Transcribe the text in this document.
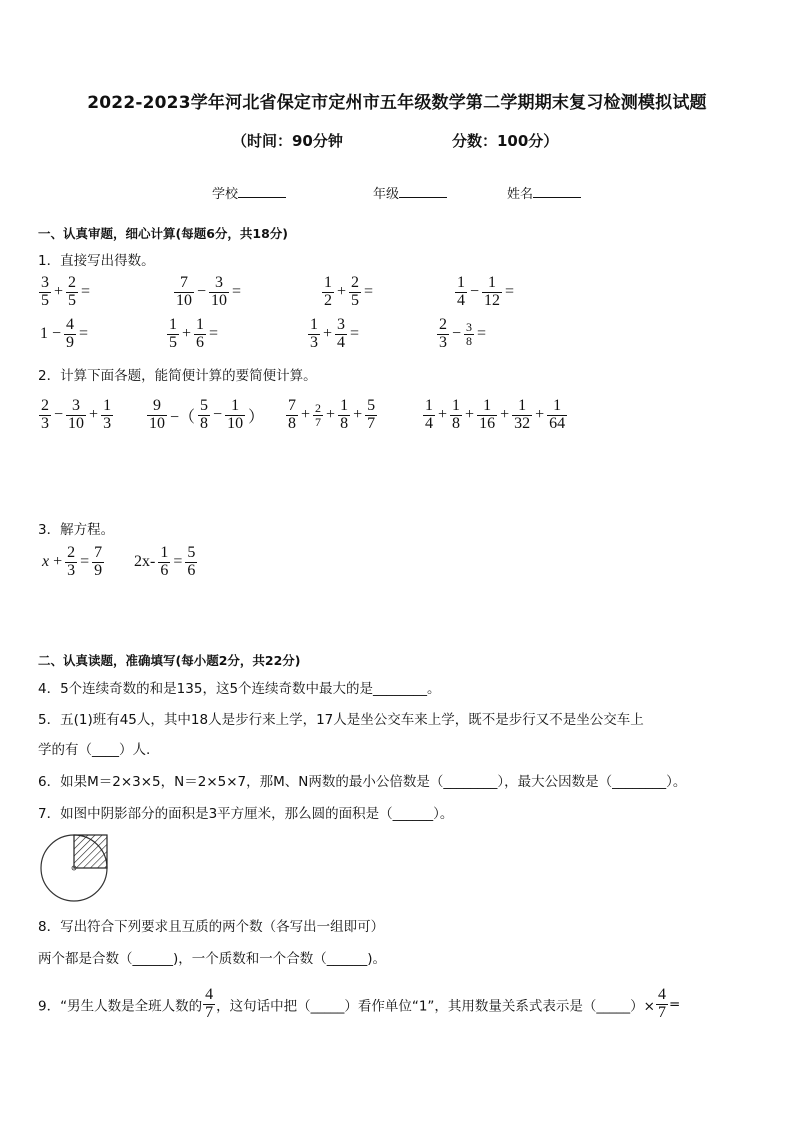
2022-2023学年河北省保定市定州市五年级数学第二学期期末复习检测模拟试题
（时间：90分钟	分数：100分）
学校	年级	姓名
一、认真审题，细心计算(每题6分，共18分)
1．直接写出得数。
$\frac{3}{5} + \frac{2}{5}$ =	$\frac{7}{10} - \frac{3}{10}$ =	$\frac{1}{2} + \frac{2}{5}$ =	$\frac{1}{4} - \frac{1}{12}$ =
$1 - \frac{4}{9}$ =	$\frac{1}{5} + \frac{1}{6}$ =	$\frac{1}{3} + \frac{3}{4}$ =	$\frac{2}{3} - \frac{3}{8}$ =
2．计算下面各题，能简便计算的要简便计算。
$\frac{2}{3} - \frac{3}{10} + \frac{1}{3} \frac{9}{10}$ −（ $\frac{5}{8} - \frac{1}{10}$ ） $\frac{7}{8} + \frac{2}{7} + \frac{1}{8} + \frac{5}{7}$	$\frac{1}{4} + \frac{1}{8} + \frac{1}{16} + \frac{1}{32} + \frac{1}{64}$
3．解方程。
$x + \frac{2}{3} = \frac{7}{9} 2x- \frac{1}{6} = \frac{5}{6}$
二、认真读题，准确填写(每小题2分，共22分)
4．5个连续奇数的和是135，这5个连续奇数中最大的是________。
5．五(1)班有45人，其中18人是步行来上学，17人是坐公交车来上学，既不是步行又不是坐公交车上
学的有（____）人.
6．如果M＝2×3×5，N＝2×5×7，那M、N两数的最小公倍数是（________），最大公因数是（________）。
7．如图中阴影部分的面积是3平方厘米，那么圆的面积是（______）。
8．写出符合下列要求且互质的两个数（各写出一组即可）
两个都是合数（______)，一个质数和一个合数（______)。
9．“男生人数是全班人数的 $\frac{4}{7}$ ，这句话中把（_____）看作单位“1”，其用数量关系式表示是（_____）× $\frac{4}{7}$ =
